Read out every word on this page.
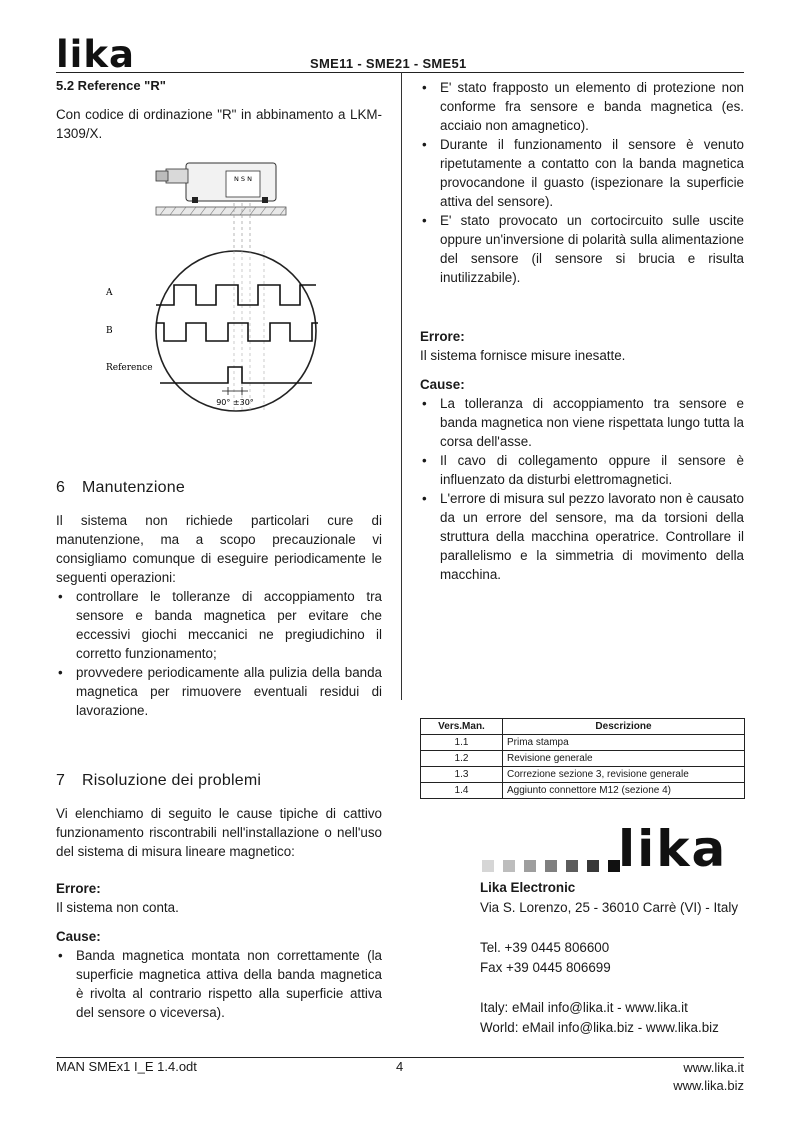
lika	SME11 - SME21 - SME51
5.2 Reference "R"

Con codice di ordinazione "R" in abbinamento a LKM-1309/X.

N S N
90° ±30°
A
B
Reference
6 Manutenzione

Il sistema non richiede particolari cure di manutenzione, ma a scopo precauzionale vi consigliamo comunque di eseguire periodicamente le seguenti operazioni:

• controllare le tolleranze di accoppiamento tra sensore e banda magnetica per evitare che eccessivi giochi meccanici ne pregiudichino il corretto funzionamento;
• provvedere periodicamente alla pulizia della banda magnetica per rimuovere eventuali residui di lavorazione.
7 Risoluzione dei problemi

Vi elenchiamo di seguito le cause tipiche di cattivo funzionamento riscontrabili nell'installazione o nell'uso del sistema di misura lineare magnetico:

Errore:

Il sistema non conta.

Cause:

• Banda magnetica montata non correttamente (la superficie magnetica attiva della banda magnetica è rivolta al contrario rispetto alla superficie attiva del sensore o viceversa).
• E' stato frapposto un elemento di protezione non conforme fra sensore e banda magnetica (es. acciaio non amagnetico).
• Durante il funzionamento il sensore è venuto ripetutamente a contatto con la banda magnetica provocandone il guasto (ispezionare la superficie attiva del sensore).
• E' stato provocato un cortocircuito sulle uscite oppure un'inversione di polarità sulla alimentazione del sensore (il sensore si brucia e risulta inutilizzabile).

Errore:

Il sistema fornisce misure inesatte.

Cause:

• La tolleranza di accoppiamento tra sensore e banda magnetica non viene rispettata lungo tutta la corsa dell'asse.
• Il cavo di collegamento oppure il sensore è influenzato da disturbi elettromagnetici.
• L'errore di misura sul pezzo lavorato non è causato da un errore del sensore, ma da torsioni della struttura della macchina operatrice. Controllare il parallelismo e la simmetria di movimento della macchina.
Vers.Man.	Descrizione
1.1	Prima stampa
1.2	Revisione generale
1.3	Correzione sezione 3, revisione generale
1.4	Aggiunto connettore M12 (sezione 4)
lika
Lika Electronic
Via S. Lorenzo, 25 - 36010 Carrè (VI) - Italy
Tel. +39 0445 806600
Fax +39 0445 806699
Italy: eMail info@lika.it - www.lika.it
World: eMail info@lika.biz - www.lika.biz
MAN SMEx1 I_E 1.4.odt	4	www.lika.it
www.lika.biz
